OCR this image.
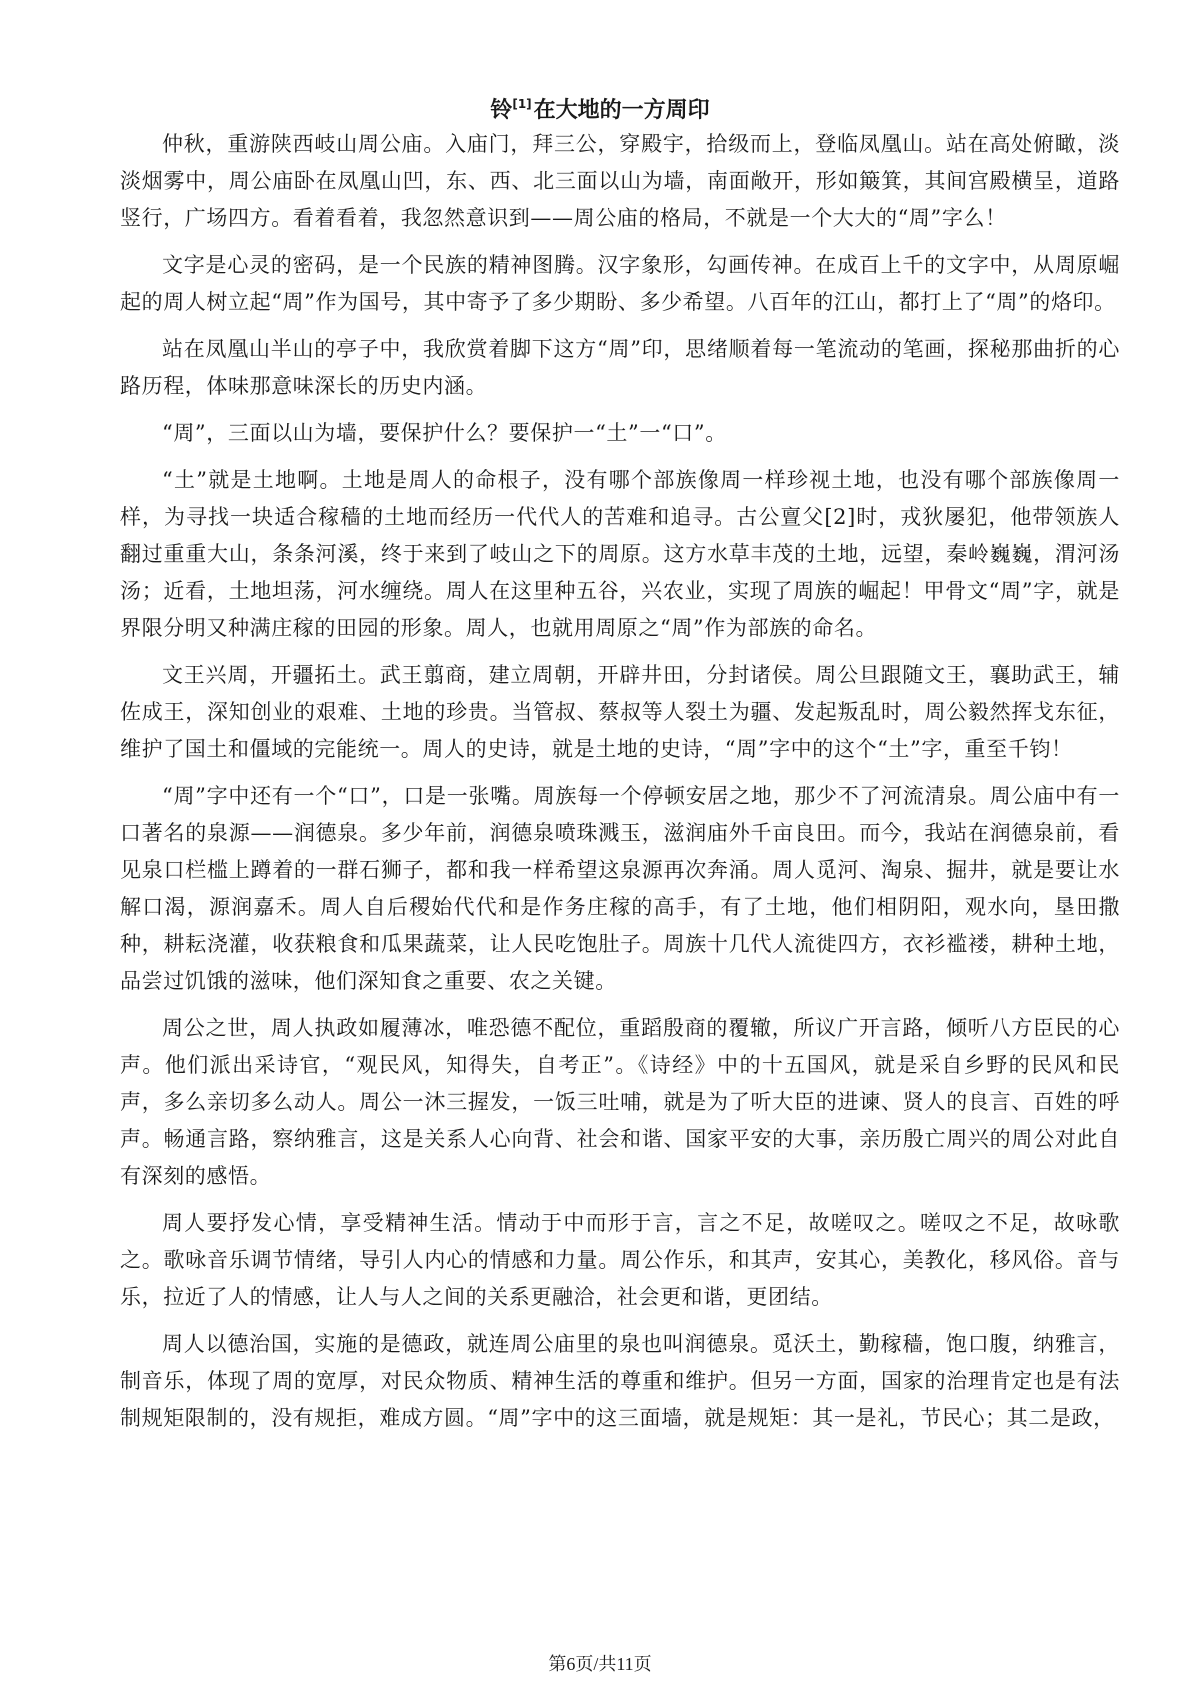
铃[1]在大地的一方周印

仲秋，重游陕西岐山周公庙。入庙门，拜三公，穿殿宇，拾级而上，登临凤凰山。站在高处俯瞰，淡淡烟雾中，周公庙卧在凤凰山凹，东、西、北三面以山为墙，南面敞开，形如簸箕，其间宫殿横呈，道路竖行，广场四方。看着看着，我忽然意识到——周公庙的格局，不就是一个大大的“周”字么！

文字是心灵的密码，是一个民族的精神图腾。汉字象形，勾画传神。在成百上千的文字中，从周原崛起的周人树立起“周”作为国号，其中寄予了多少期盼、多少希望。八百年的江山，都打上了“周”的烙印。

站在凤凰山半山的亭子中，我欣赏着脚下这方“周”印，思绪顺着每一笔流动的笔画，探秘那曲折的心路历程，体味那意味深长的历史内涵。

“周”，三面以山为墙，要保护什么？要保护一“土”一“口”。

“土”就是土地啊。土地是周人的命根子，没有哪个部族像周一样珍视土地，也没有哪个部族像周一样，为寻找一块适合稼穑的土地而经历一代代人的苦难和追寻。古公亶父[2]时，戎狄屡犯，他带领族人翻过重重大山，条条河溪，终于来到了岐山之下的周原。这方水草丰茂的土地，远望，秦岭巍巍，渭河汤汤；近看，土地坦荡，河水缠绕。周人在这里种五谷，兴农业，实现了周族的崛起！甲骨文“周”字，就是界限分明又种满庄稼的田园的形象。周人，也就用周原之“周”作为部族的命名。

文王兴周，开疆拓土。武王翦商，建立周朝，开辟井田，分封诸侯。周公旦跟随文王，襄助武王，辅佐成王，深知创业的艰难、土地的珍贵。当管叔、蔡叔等人裂土为疆、发起叛乱时，周公毅然挥戈东征，维护了国土和僵域的完能统一。周人的史诗，就是土地的史诗，“周”字中的这个“土”字，重至千钧！

“周”字中还有一个“口”，口是一张嘴。周族每一个停顿安居之地，那少不了河流清泉。周公庙中有一口著名的泉源——润德泉。多少年前，润德泉喷珠溅玉，滋润庙外千亩良田。而今，我站在润德泉前，看见泉口栏槛上蹲着的一群石狮子，都和我一样希望这泉源再次奔涌。周人觅河、淘泉、掘井，就是要让水解口渴，源润嘉禾。周人自后稷始代代和是作务庄稼的高手，有了土地，他们相阴阳，观水向，垦田撒种，耕耘浇灌，收获粮食和瓜果蔬菜，让人民吃饱肚子。周族十几代人流徙四方，衣衫褴褛，耕种土地，品尝过饥饿的滋味，他们深知食之重要、农之关键。

周公之世，周人执政如履薄冰，唯恐德不配位，重蹈殷商的覆辙，所议广开言路，倾听八方臣民的心声。他们派出采诗官，“观民风，知得失，自考正”。《诗经》中的十五国风，就是采自乡野的民风和民声，多么亲切多么动人。周公一沐三握发，一饭三吐哺，就是为了听大臣的进谏、贤人的良言、百姓的呼声。畅通言路，察纳雅言，这是关系人心向背、社会和谐、国家平安的大事，亲历殷亡周兴的周公对此自有深刻的感悟。

周人要抒发心情，享受精神生活。情动于中而形于言，言之不足，故嗟叹之。嗟叹之不足，故咏歌之。歌咏音乐调节情绪，导引人内心的情感和力量。周公作乐，和其声，安其心，美教化，移风俗。音与乐，拉近了人的情感，让人与人之间的关系更融洽，社会更和谐，更团结。

周人以德治国，实施的是德政，就连周公庙里的泉也叫润德泉。觅沃土，勤稼穑，饱口腹，纳雅言，制音乐，体现了周的宽厚，对民众物质、精神生活的尊重和维护。但另一方面，国家的治理肯定也是有法制规矩限制的，没有规拒，难成方圆。“周”字中的这三面墙，就是规矩：其一是礼，节民心；其二是政，

第6页/共11页
